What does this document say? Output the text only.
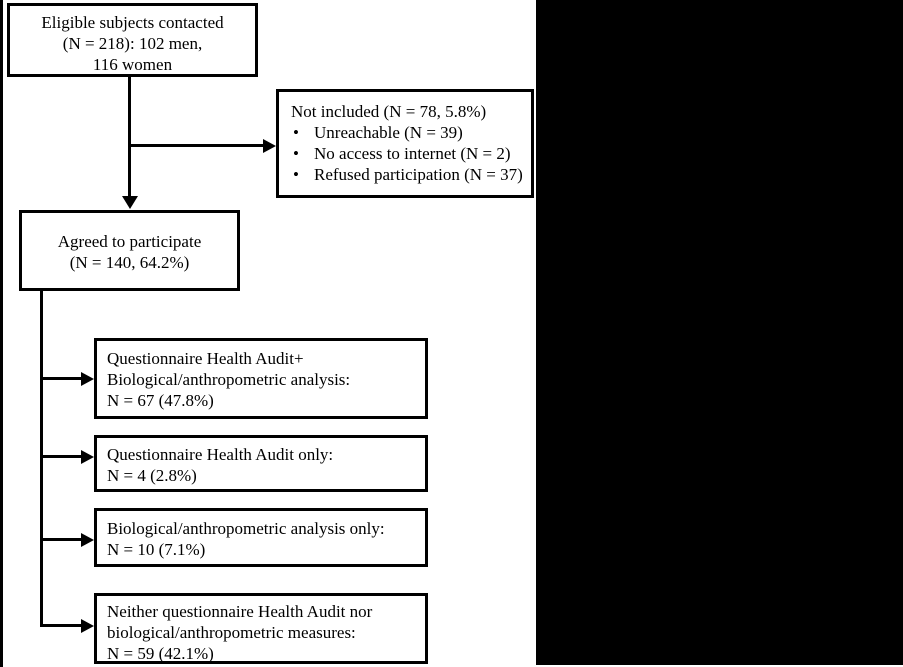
Eligible subjects contacted
(N = 218): 102 men,
116 women
Not included (N = 78, 5.8%)
• Unreachable (N = 39)
• No access to internet (N = 2)
• Refused participation (N = 37)
Agreed to participate
(N = 140, 64.2%)
Questionnaire Health Audit+
Biological/anthropometric analysis:
N = 67 (47.8%)
Questionnaire Health Audit only:
N = 4 (2.8%)
Biological/anthropometric analysis only:
N = 10 (7.1%)
Neither questionnaire Health Audit nor
biological/anthropometric measures:
N = 59 (42.1%)
